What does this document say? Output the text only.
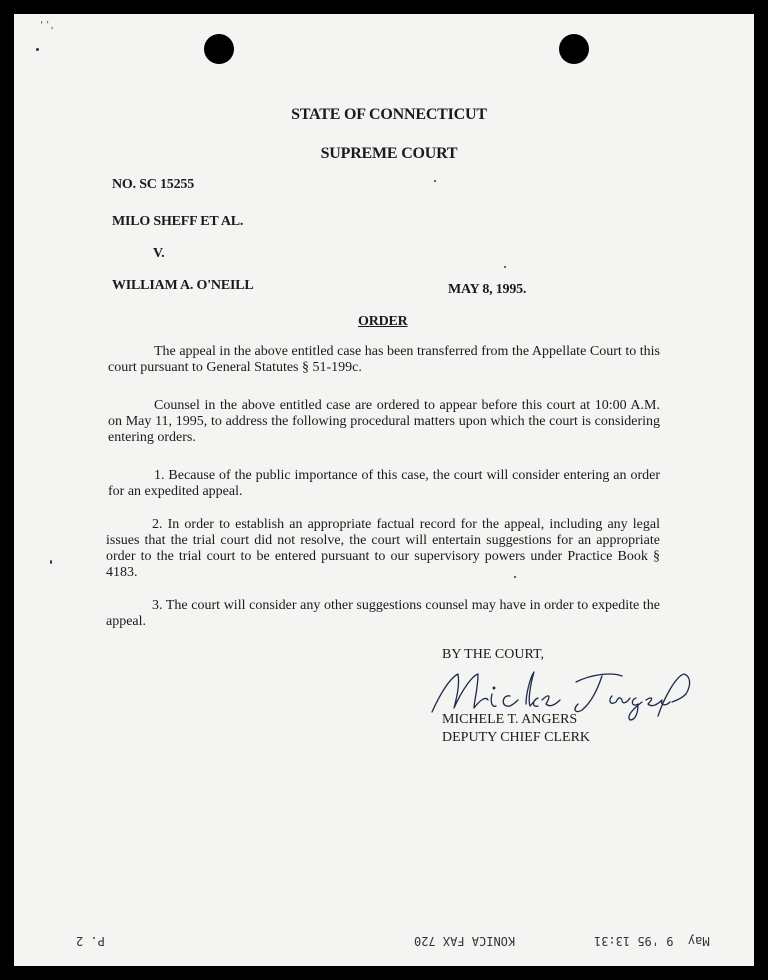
‘ ’ ,
STATE OF CONNECTICUT
SUPREME COURT
NO. SC 15255
MILO SHEFF ET AL.
V.
WILLIAM A. O'NEILL	MAY 8, 1995.
ORDER

The appeal in the above entitled case has been transferred from the Appellate Court to this court pursuant to General Statutes § 51-199c.

Counsel in the above entitled case are ordered to appear before this court at 10:00 A.M. on May 11, 1995, to address the following procedural matters upon which the court is considering entering orders.

1. Because of the public importance of this case, the court will consider entering an order for an expedited appeal.

2. In order to establish an appropriate factual record for the appeal, including any legal issues that the trial court did not resolve, the court will entertain suggestions for an appropriate order to the trial court to be entered pursuant to our supervisory powers under Practice Book § 4183.

3. The court will consider any other suggestions counsel may have in order to expedite the appeal.

BY THE COURT,
MICHELE T. ANGERS
DEPUTY CHIEF CLERK
P. 2	KONICA FAX 720	May  9 '95 13:31
